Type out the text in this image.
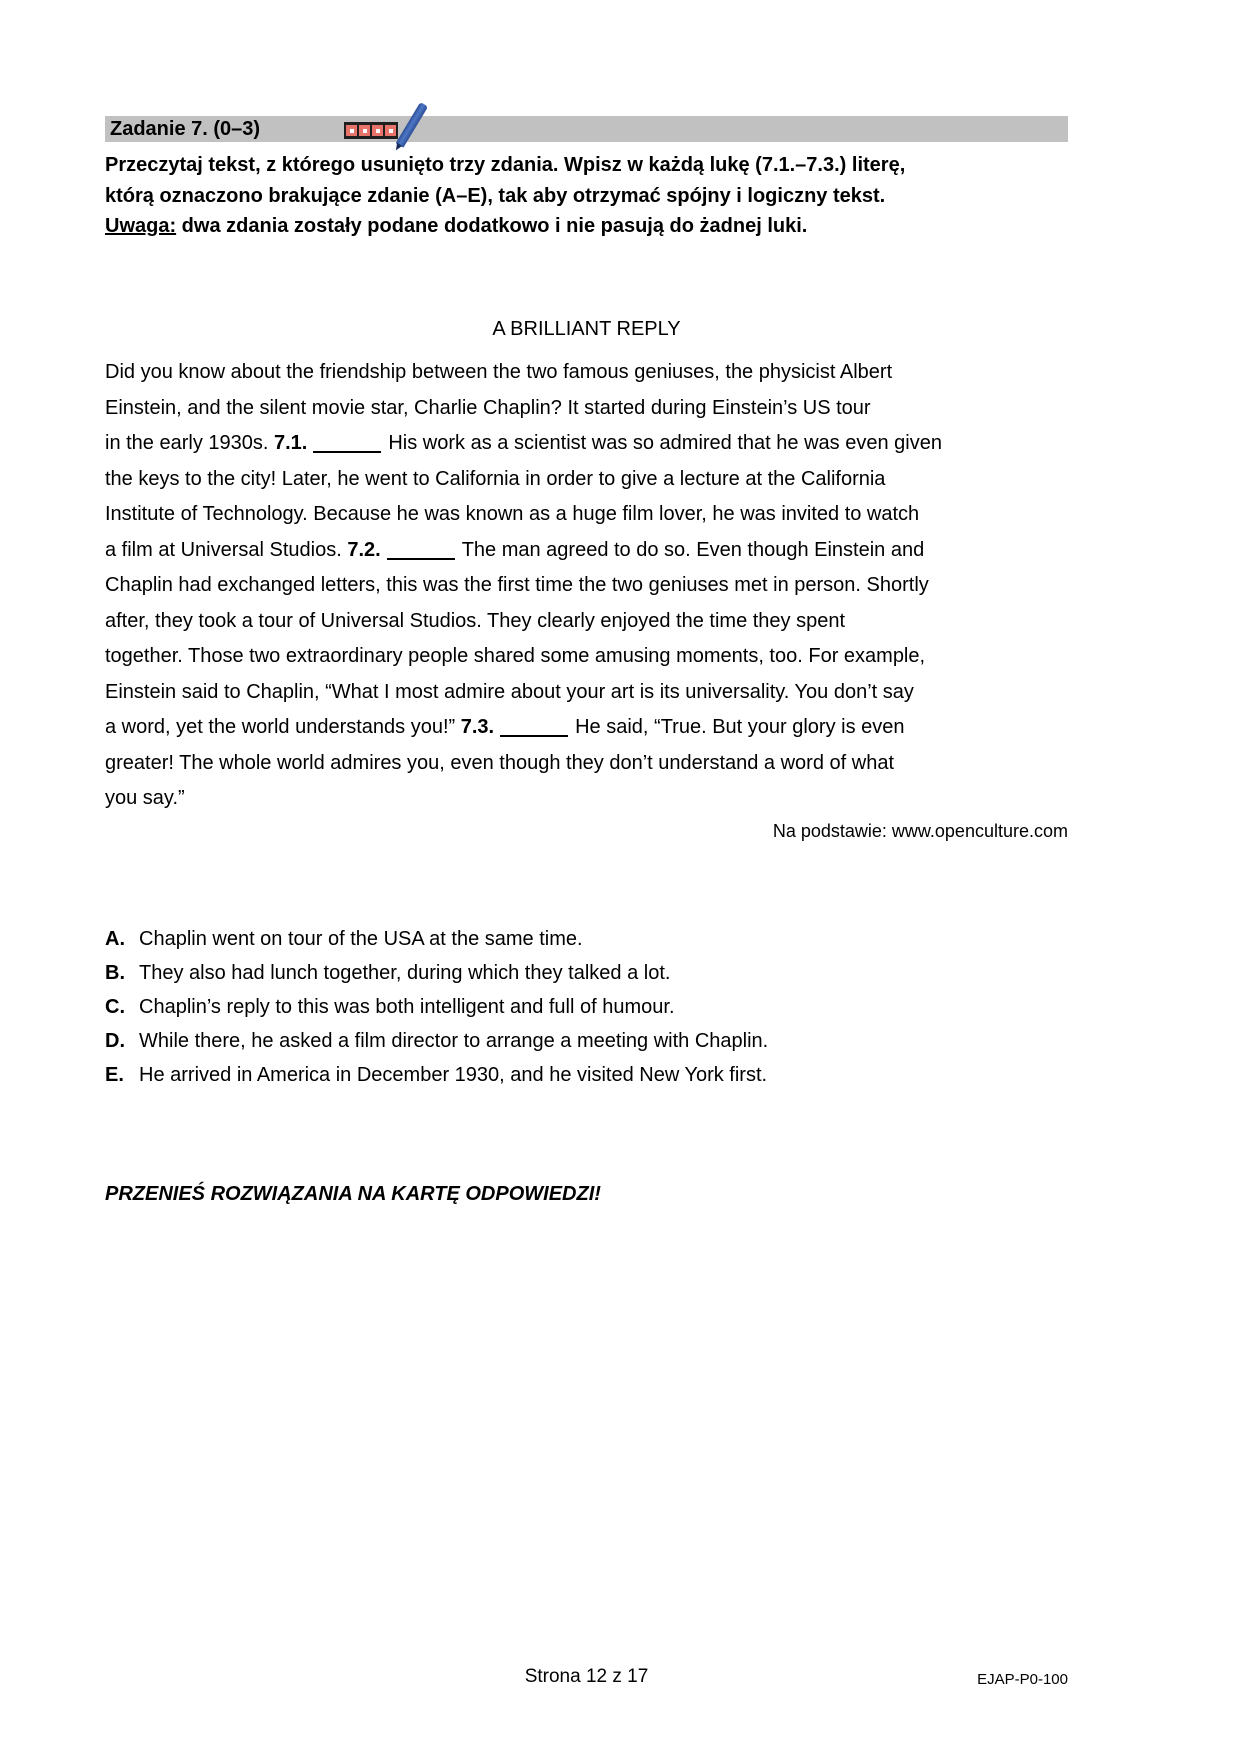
Zadanie 7. (0–3)
Przeczytaj tekst, z którego usunięto trzy zdania. Wpisz w każdą lukę (7.1.–7.3.) literę,
którą oznaczono brakujące zdanie (A–E), tak aby otrzymać spójny i logiczny tekst.
Uwaga: dwa zdania zostały podane dodatkowo i nie pasują do żadnej luki.
A BRILLIANT REPLY
Did you know about the friendship between the two famous geniuses, the physicist Albert
Einstein, and the silent movie star, Charlie Chaplin? It started during Einstein’s US tour
in the early 1930s. 7.1.	His work as a scientist was so admired that he was even given
the keys to the city! Later, he went to California in order to give a lecture at the California
Institute of Technology. Because he was known as a huge film lover, he was invited to watch
a film at Universal Studios. 7.2.	The man agreed to do so. Even though Einstein and
Chaplin had exchanged letters, this was the first time the two geniuses met in person. Shortly
after, they took a tour of Universal Studios. They clearly enjoyed the time they spent
together. Those two extraordinary people shared some amusing moments, too. For example,
Einstein said to Chaplin, “What I most admire about your art is its universality. You don’t say
a word, yet the world understands you!” 7.3.	He said, “True. But your glory is even
greater! The whole world admires you, even though they don’t understand a word of what
you say.”
Na podstawie: www.openculture.com
A. Chaplin went on tour of the USA at the same time.
B. They also had lunch together, during which they talked a lot.
C. Chaplin’s reply to this was both intelligent and full of humour.
D. While there, he asked a film director to arrange a meeting with Chaplin.
E. He arrived in America in December 1930, and he visited New York first.
PRZENIEŚ ROZWIĄZANIA NA KARTĘ ODPOWIEDZI!
Strona 12 z 17	EJAP-P0-100
